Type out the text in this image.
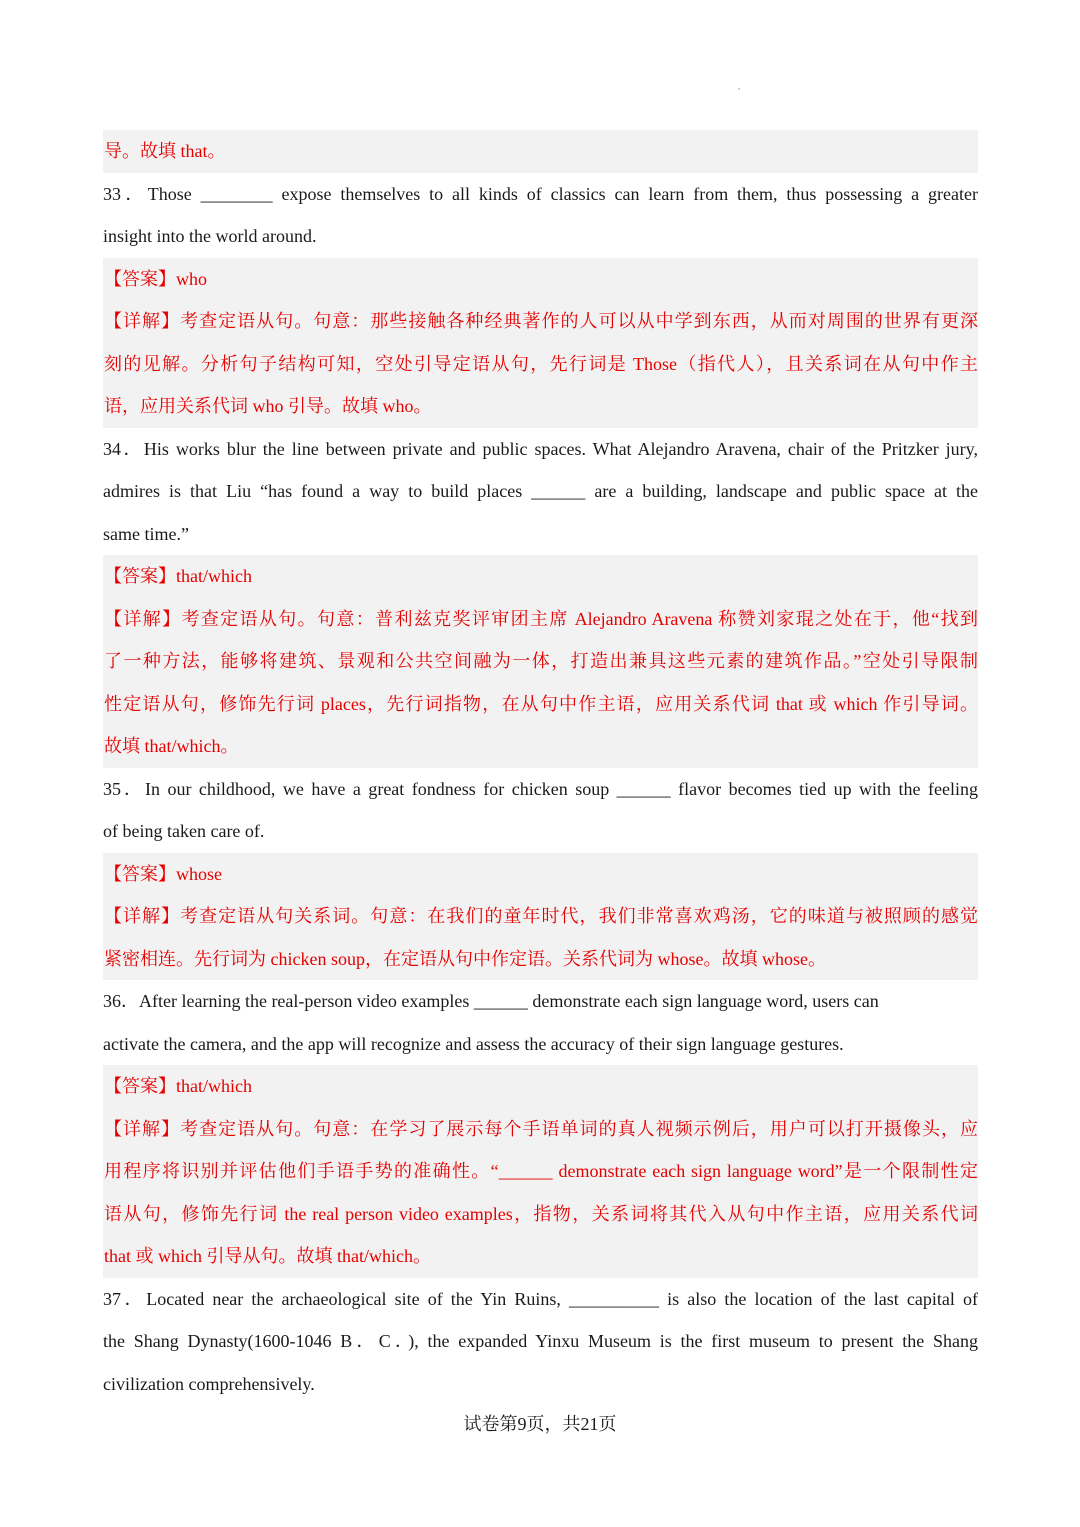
导。故填 that。
33．Those ________ expose themselves to all kinds of classics can learn from them, thus possessing a greater
insight into the world around.
【答案】who
【详解】考查定语从句。句意：那些接触各种经典著作的人可以从中学到东西，从而对周围的世界有更深
刻的见解。分析句子结构可知，空处引导定语从句，先行词是 Those（指代人），且关系词在从句中作主
语，应用关系代词 who 引导。故填 who。
34．His works blur the line between private and public spaces. What Alejandro Aravena, chair of the Pritzker jury,
admires is that Liu “has found a way to build places ______ are a building, landscape and public space at the
same time.”
【答案】that/which
【详解】考查定语从句。句意：普利兹克奖评审团主席 Alejandro Aravena 称赞刘家琨之处在于，他“找到
了一种方法，能够将建筑、景观和公共空间融为一体，打造出兼具这些元素的建筑作品。”空处引导限制
性定语从句，修饰先行词 places，先行词指物，在从句中作主语，应用关系代词 that 或 which 作引导词。
故填 that/which。
35．In our childhood, we have a great fondness for chicken soup ______ flavor becomes tied up with the feeling
of being taken care of.
【答案】whose
【详解】考查定语从句关系词。句意：在我们的童年时代，我们非常喜欢鸡汤，它的味道与被照顾的感觉
紧密相连。先行词为 chicken soup，在定语从句中作定语。关系代词为 whose。故填 whose。
36．After learning the real-person video examples ______ demonstrate each sign language word, users can
activate the camera, and the app will recognize and assess the accuracy of their sign language gestures.
【答案】that/which
【详解】考查定语从句。句意：在学习了展示每个手语单词的真人视频示例后，用户可以打开摄像头，应
用程序将识别并评估他们手语手势的准确性。“______ demonstrate each sign language word”是一个限制性定
语从句，修饰先行词 the real person video examples，指物，关系词将其代入从句中作主语，应用关系代词
that 或 which 引导从句。故填 that/which。
37．Located near the archaeological site of the Yin Ruins, __________ is also the location of the last capital of
the Shang Dynasty(1600-1046 B．C．), the expanded Yinxu Museum is the first museum to present the Shang
civilization comprehensively.
试卷第9页，共21页
